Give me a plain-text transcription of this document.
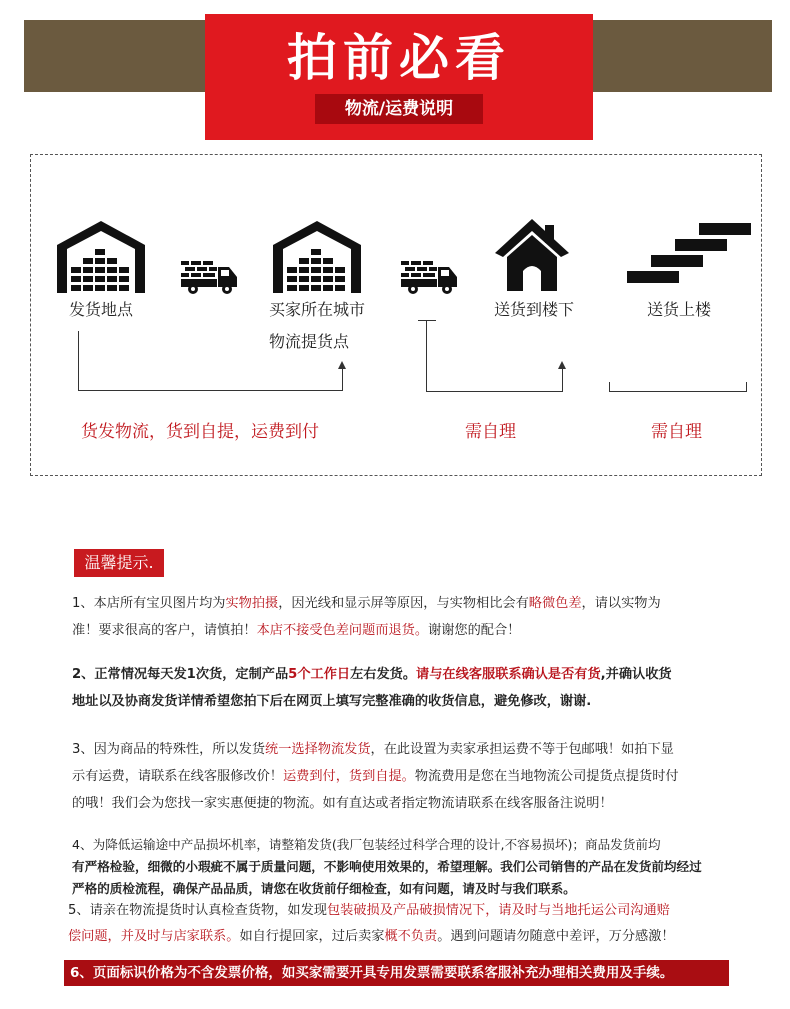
拍前必看
物流/运费说明
发货地点	买家所在城市
物流提货点
送货到楼下	送货上楼
货发物流，货到自提，运费到付	需自理	需自理
温馨提示.
1、本店所有宝贝图片均为实物拍摄，因光线和显示屏等原因，与实物相比会有略微色差，请以实物为
准！要求很高的客户，请慎拍！本店不接受色差问题而退货。谢谢您的配合！
2、正常情况每天发1次货，定制产品5个工作日左右发货。请与在线客服联系确认是否有货,并确认收货
地址以及协商发货详情希望您拍下后在网页上填写完整准确的收货信息，避免修改，谢谢.
3、因为商品的特殊性，所以发货统一选择物流发货，在此设置为卖家承担运费不等于包邮哦！如拍下显
示有运费，请联系在线客服修改价！运费到付，货到自提。物流费用是您在当地物流公司提货点提货时付
的哦！我们会为您找一家实惠便捷的物流。如有直达或者指定物流请联系在线客服备注说明！
4、为降低运输途中产品损坏机率，请整箱发货(我厂包装经过科学合理的设计,不容易损坏)；商品发货前均
有严格检验，细微的小瑕疵不属于质量问题，不影响使用效果的，希望理解。我们公司销售的产品在发货前均经过
严格的质检流程，确保产品品质，请您在收货前仔细检查，如有问题，请及时与我们联系。
5、请亲在物流提货时认真检查货物，如发现包装破损及产品破损情况下，请及时与当地托运公司沟通赔
偿问题，并及时与店家联系。如自行提回家，过后卖家概不负责。遇到问题请勿随意中差评，万分感激！
6、页面标识价格为不含发票价格，如买家需要开具专用发票需要联系客服补充办理相关费用及手续。
